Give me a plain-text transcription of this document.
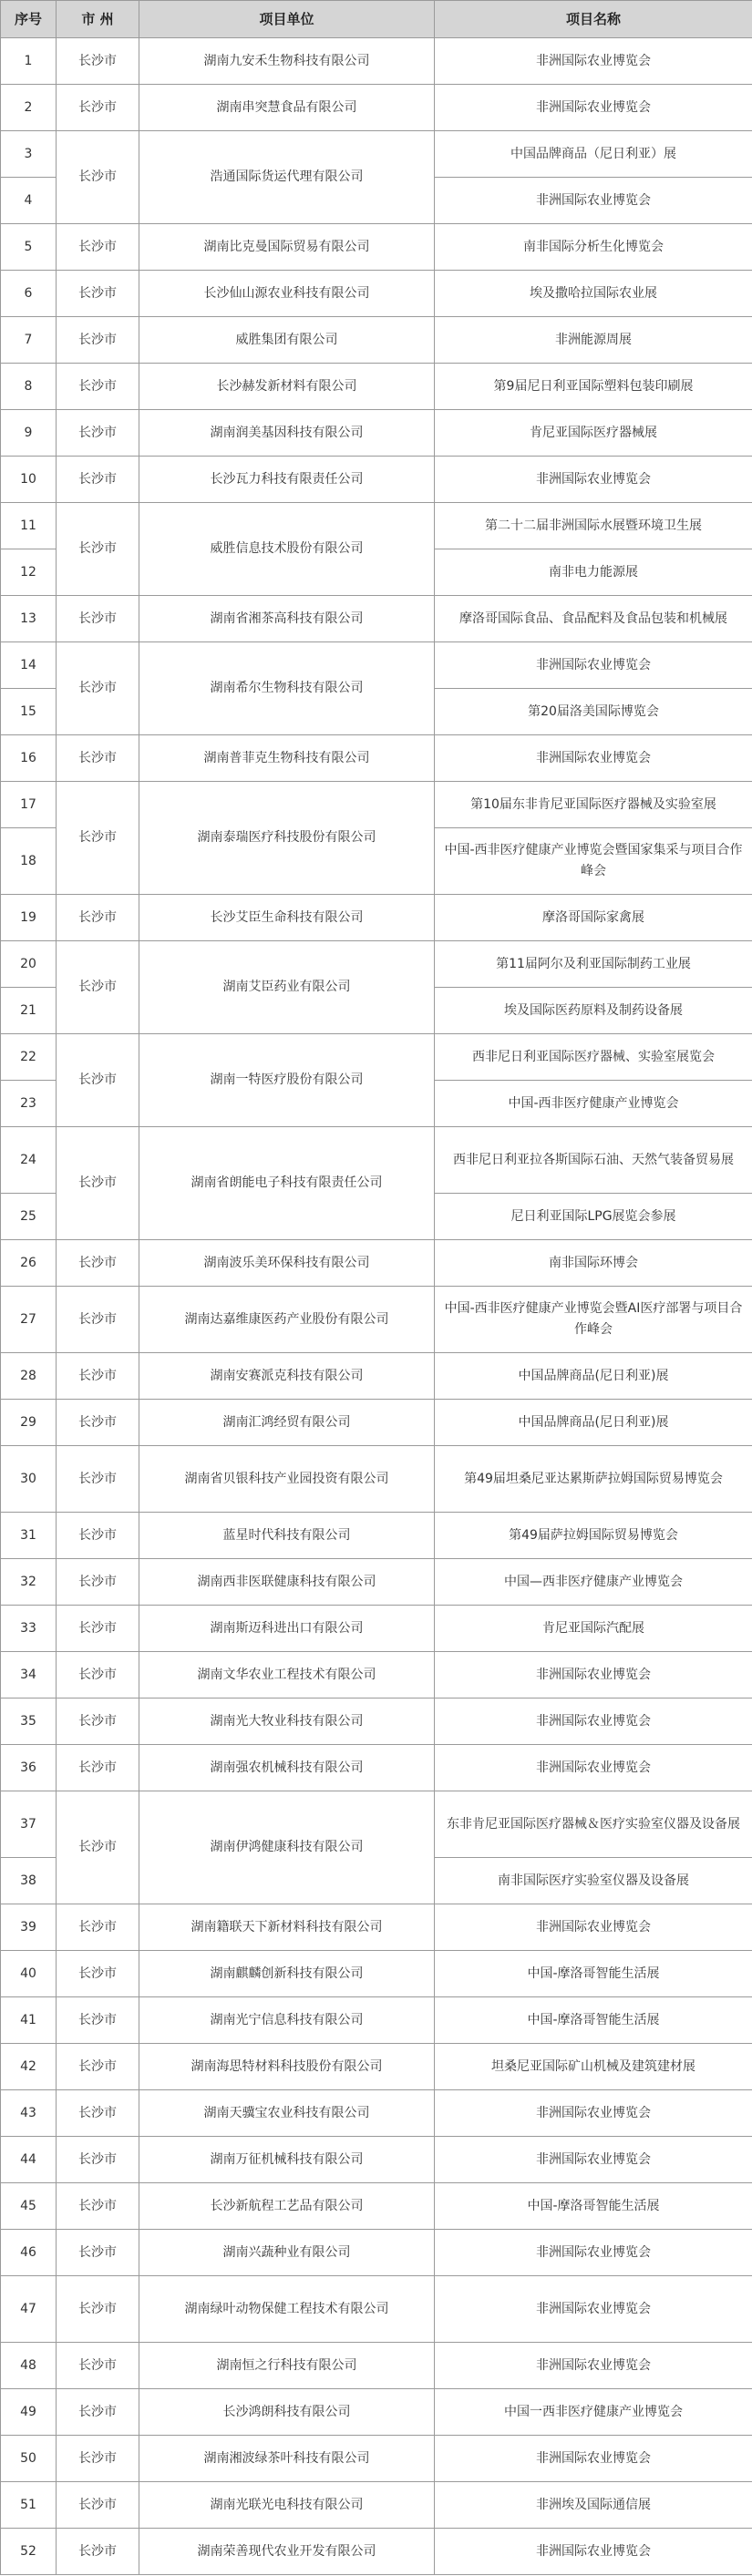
序号	市 州	项目单位	项目名称
1	长沙市	湖南九安禾生物科技有限公司	非洲国际农业博览会
2	长沙市	湖南串突慧食品有限公司	非洲国际农业博览会
3	长沙市	浩通国际货运代理有限公司	中国品牌商品（尼日利亚）展
4			非洲国际农业博览会
5	长沙市	湖南比克曼国际贸易有限公司	南非国际分析生化博览会
6	长沙市	长沙仙山源农业科技有限公司	埃及撒哈拉国际农业展
7	长沙市	威胜集团有限公司	非洲能源周展
8	长沙市	长沙赫发新材料有限公司	第9届尼日利亚国际塑料包装印刷展
9	长沙市	湖南润美基因科技有限公司	肯尼亚国际医疗器械展
10	长沙市	长沙瓦力科技有限责任公司	非洲国际农业博览会
11	长沙市	威胜信息技术股份有限公司	第二十二届非洲国际水展暨环境卫生展
12			南非电力能源展
13	长沙市	湖南省湘茶高科技有限公司	摩洛哥国际食品、食品配料及食品包装和机械展
14	长沙市	湖南希尔生物科技有限公司	非洲国际农业博览会
15			第20届洛美国际博览会
16	长沙市	湖南普菲克生物科技有限公司	非洲国际农业博览会
17	长沙市	湖南泰瑞医疗科技股份有限公司	第10届东非肯尼亚国际医疗器械及实验室展
18			中国-西非医疗健康产业博览会暨国家集采与项目合作峰会
19	长沙市	长沙艾臣生命科技有限公司	摩洛哥国际家禽展
20	长沙市	湖南艾臣药业有限公司	第11届阿尔及利亚国际制药工业展
21			埃及国际医药原料及制药设备展
22	长沙市	湖南一特医疗股份有限公司	西非尼日利亚国际医疗器械、实验室展览会
23			中国-西非医疗健康产业博览会
24	长沙市	湖南省朗能电子科技有限责任公司	西非尼日利亚拉各斯国际石油、天然气装备贸易展
25			尼日利亚国际LPG展览会参展
26	长沙市	湖南波乐美环保科技有限公司	南非国际环博会
27	长沙市	湖南达嘉维康医药产业股份有限公司	中国-西非医疗健康产业博览会暨AI医疗部署与项目合作峰会
28	长沙市	湖南安赛派克科技有限公司	中国品牌商品(尼日利亚)展
29	长沙市	湖南汇鸿经贸有限公司	中国品牌商品(尼日利亚)展
30	长沙市	湖南省贝银科技产业园投资有限公司	第49届坦桑尼亚达累斯萨拉姆国际贸易博览会
31	长沙市	蓝星时代科技有限公司	第49届萨拉姆国际贸易博览会
32	长沙市	湖南西非医联健康科技有限公司	中国—西非医疗健康产业博览会
33	长沙市	湖南斯迈科进出口有限公司	肯尼亚国际汽配展
34	长沙市	湖南文华农业工程技术有限公司	非洲国际农业博览会
35	长沙市	湖南光大牧业科技有限公司	非洲国际农业博览会
36	长沙市	湖南强农机械科技有限公司	非洲国际农业博览会
37	长沙市	湖南伊鸿健康科技有限公司	东非肯尼亚国际医疗器械＆医疗实验室仪器及设备展
38			南非国际医疗实验室仪器及设备展
39	长沙市	湖南籍联天下新材料科技有限公司	非洲国际农业博览会
40	长沙市	湖南麒麟创新科技有限公司	中国-摩洛哥智能生活展
41	长沙市	湖南光宁信息科技有限公司	中国-摩洛哥智能生活展
42	长沙市	湖南海思特材料科技股份有限公司	坦桑尼亚国际矿山机械及建筑建材展
43	长沙市	湖南天骥宝农业科技有限公司	非洲国际农业博览会
44	长沙市	湖南万征机械科技有限公司	非洲国际农业博览会
45	长沙市	长沙新航程工艺品有限公司	中国-摩洛哥智能生活展
46	长沙市	湖南兴蔬种业有限公司	非洲国际农业博览会
47	长沙市	湖南绿叶动物保健工程技术有限公司	非洲国际农业博览会
48	长沙市	湖南恒之行科技有限公司	非洲国际农业博览会
49	长沙市	长沙鸿朗科技有限公司	中国一西非医疗健康产业博览会
50	长沙市	湖南湘波绿茶叶科技有限公司	非洲国际农业博览会
51	长沙市	湖南光联光电科技有限公司	非洲埃及国际通信展
52	长沙市	湖南荣善现代农业开发有限公司	非洲国际农业博览会
